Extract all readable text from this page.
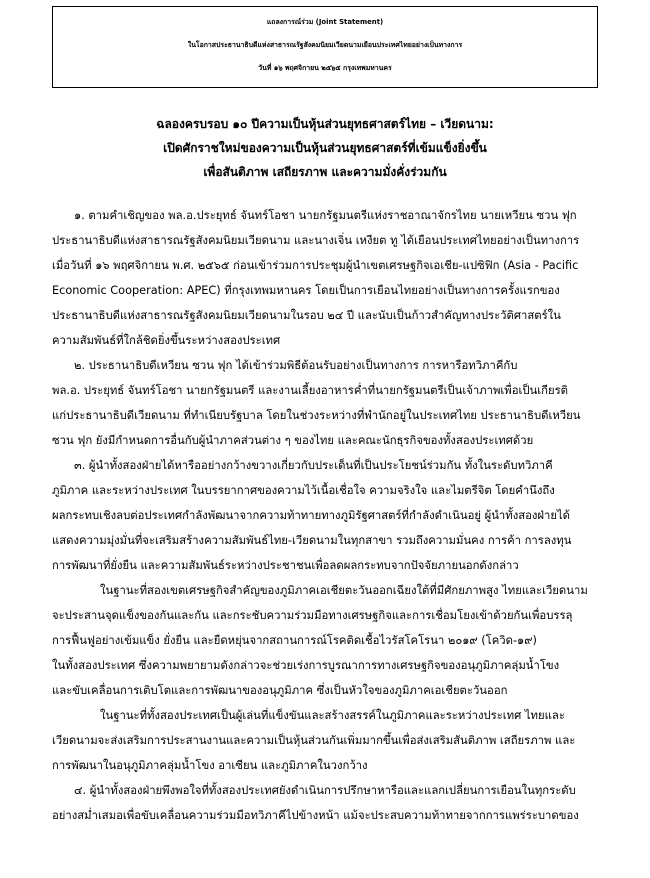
แถลงการณ์ร่วม (Joint Statement)
ในโอกาสประธานาธิบดีแห่งสาธารณรัฐสังคมนิยมเวียดนามเยือนประเทศไทยอย่างเป็นทางการ
วันที่ ๑๖ พฤศจิกายน ๒๕๖๕ กรุงเทพมหานคร
ฉลองครบรอบ ๑๐ ปีความเป็นหุ้นส่วนยุทธศาสตร์ไทย – เวียดนาม:
เปิดศักราชใหม่ของความเป็นหุ้นส่วนยุทธศาสตร์ที่เข้มแข็งยิ่งขึ้น
เพื่อสันติภาพ เสถียรภาพ และความมั่งคั่งร่วมกัน
๑. ตามคำเชิญของ พล.อ.ประยุทธ์ จันทร์โอชา นายกรัฐมนตรีแห่งราชอาณาจักรไทย นายเหวียน ซวน ฟุก
ประธานาธิบดีแห่งสาธารณรัฐสังคมนิยมเวียดนาม และนางเจิ่น เหงียต ทู ได้เยือนประเทศไทยอย่างเป็นทางการ
เมื่อวันที่ ๑๖ พฤศจิกายน พ.ศ. ๒๕๖๕ ก่อนเข้าร่วมการประชุมผู้นำเขตเศรษฐกิจเอเชีย-แปซิฟิก (Asia - Pacific
Economic Cooperation: APEC) ที่กรุงเทพมหานคร โดยเป็นการเยือนไทยอย่างเป็นทางการครั้งแรกของ
ประธานาธิบดีแห่งสาธารณรัฐสังคมนิยมเวียดนามในรอบ ๒๔ ปี และนับเป็นก้าวสำคัญทางประวัติศาสตร์ใน
ความสัมพันธ์ที่ใกล้ชิดยิ่งขึ้นระหว่างสองประเทศ
๒. ประธานาธิบดีเหวียน ซวน ฟุก ได้เข้าร่วมพิธีต้อนรับอย่างเป็นทางการ การหารือทวิภาคีกับ
พล.อ. ประยุทธ์ จันทร์โอชา นายกรัฐมนตรี และงานเลี้ยงอาหารค่ำที่นายกรัฐมนตรีเป็นเจ้าภาพเพื่อเป็นเกียรติ
แก่ประธานาธิบดีเวียดนาม ที่ทำเนียบรัฐบาล โดยในช่วงระหว่างที่พำนักอยู่ในประเทศไทย ประธานาธิบดีเหวียน
ซวน ฟุก ยังมีกำหนดการอื่นกับผู้นำภาคส่วนต่าง ๆ ของไทย และคณะนักธุรกิจของทั้งสองประเทศด้วย
๓. ผู้นำทั้งสองฝ่ายได้หารืออย่างกว้างขวางเกี่ยวกับประเด็นที่เป็นประโยชน์ร่วมกัน ทั้งในระดับทวิภาคี
ภูมิภาค และระหว่างประเทศ ในบรรยากาศของความไว้เนื้อเชื่อใจ ความจริงใจ และไมตรีจิต โดยคำนึงถึง
ผลกระทบเชิงลบต่อประเทศกำลังพัฒนาจากความท้าทายทางภูมิรัฐศาสตร์ที่กำลังดำเนินอยู่ ผู้นำทั้งสองฝ่ายได้
แสดงความมุ่งมั่นที่จะเสริมสร้างความสัมพันธ์ไทย-เวียดนามในทุกสาขา รวมถึงความมั่นคง การค้า การลงทุน
การพัฒนาที่ยั่งยืน และความสัมพันธ์ระหว่างประชาชนเพื่อลดผลกระทบจากปัจจัยภายนอกดังกล่าว
ในฐานะที่สองเขตเศรษฐกิจสำคัญของภูมิภาคเอเชียตะวันออกเฉียงใต้ที่มีศักยภาพสูง ไทยและเวียดนาม
จะประสานจุดแข็งของกันและกัน และกระชับความร่วมมือทางเศรษฐกิจและการเชื่อมโยงเข้าด้วยกันเพื่อบรรลุ
การฟื้นฟูอย่างเข้มแข็ง ยั่งยืน และยืดหยุ่นจากสถานการณ์โรคติดเชื้อไวรัสโคโรนา ๒๐๑๙ (โควิด-๑๙)
ในทั้งสองประเทศ ซึ่งความพยายามดังกล่าวจะช่วยเร่งการบูรณาการทางเศรษฐกิจของอนุภูมิภาคลุ่มน้ำโขง
และขับเคลื่อนการเติบโตและการพัฒนาของอนุภูมิภาค ซึ่งเป็นหัวใจของภูมิภาคเอเชียตะวันออก
ในฐานะที่ทั้งสองประเทศเป็นผู้เล่นที่แข็งขันและสร้างสรรค์ในภูมิภาคและระหว่างประเทศ ไทยและ
เวียดนามจะส่งเสริมการประสานงานและความเป็นหุ้นส่วนกันเพิ่มมากขึ้นเพื่อส่งเสริมสันติภาพ เสถียรภาพ และ
การพัฒนาในอนุภูมิภาคลุ่มน้ำโขง อาเซียน และภูมิภาคในวงกว้าง
๔. ผู้นำทั้งสองฝ่ายพึงพอใจที่ทั้งสองประเทศยังดำเนินการปรึกษาหารือและแลกเปลี่ยนการเยือนในทุกระดับ
อย่างสม่ำเสมอเพื่อขับเคลื่อนความร่วมมือทวิภาคีไปข้างหน้า แม้จะประสบความท้าทายจากการแพร่ระบาดของ
